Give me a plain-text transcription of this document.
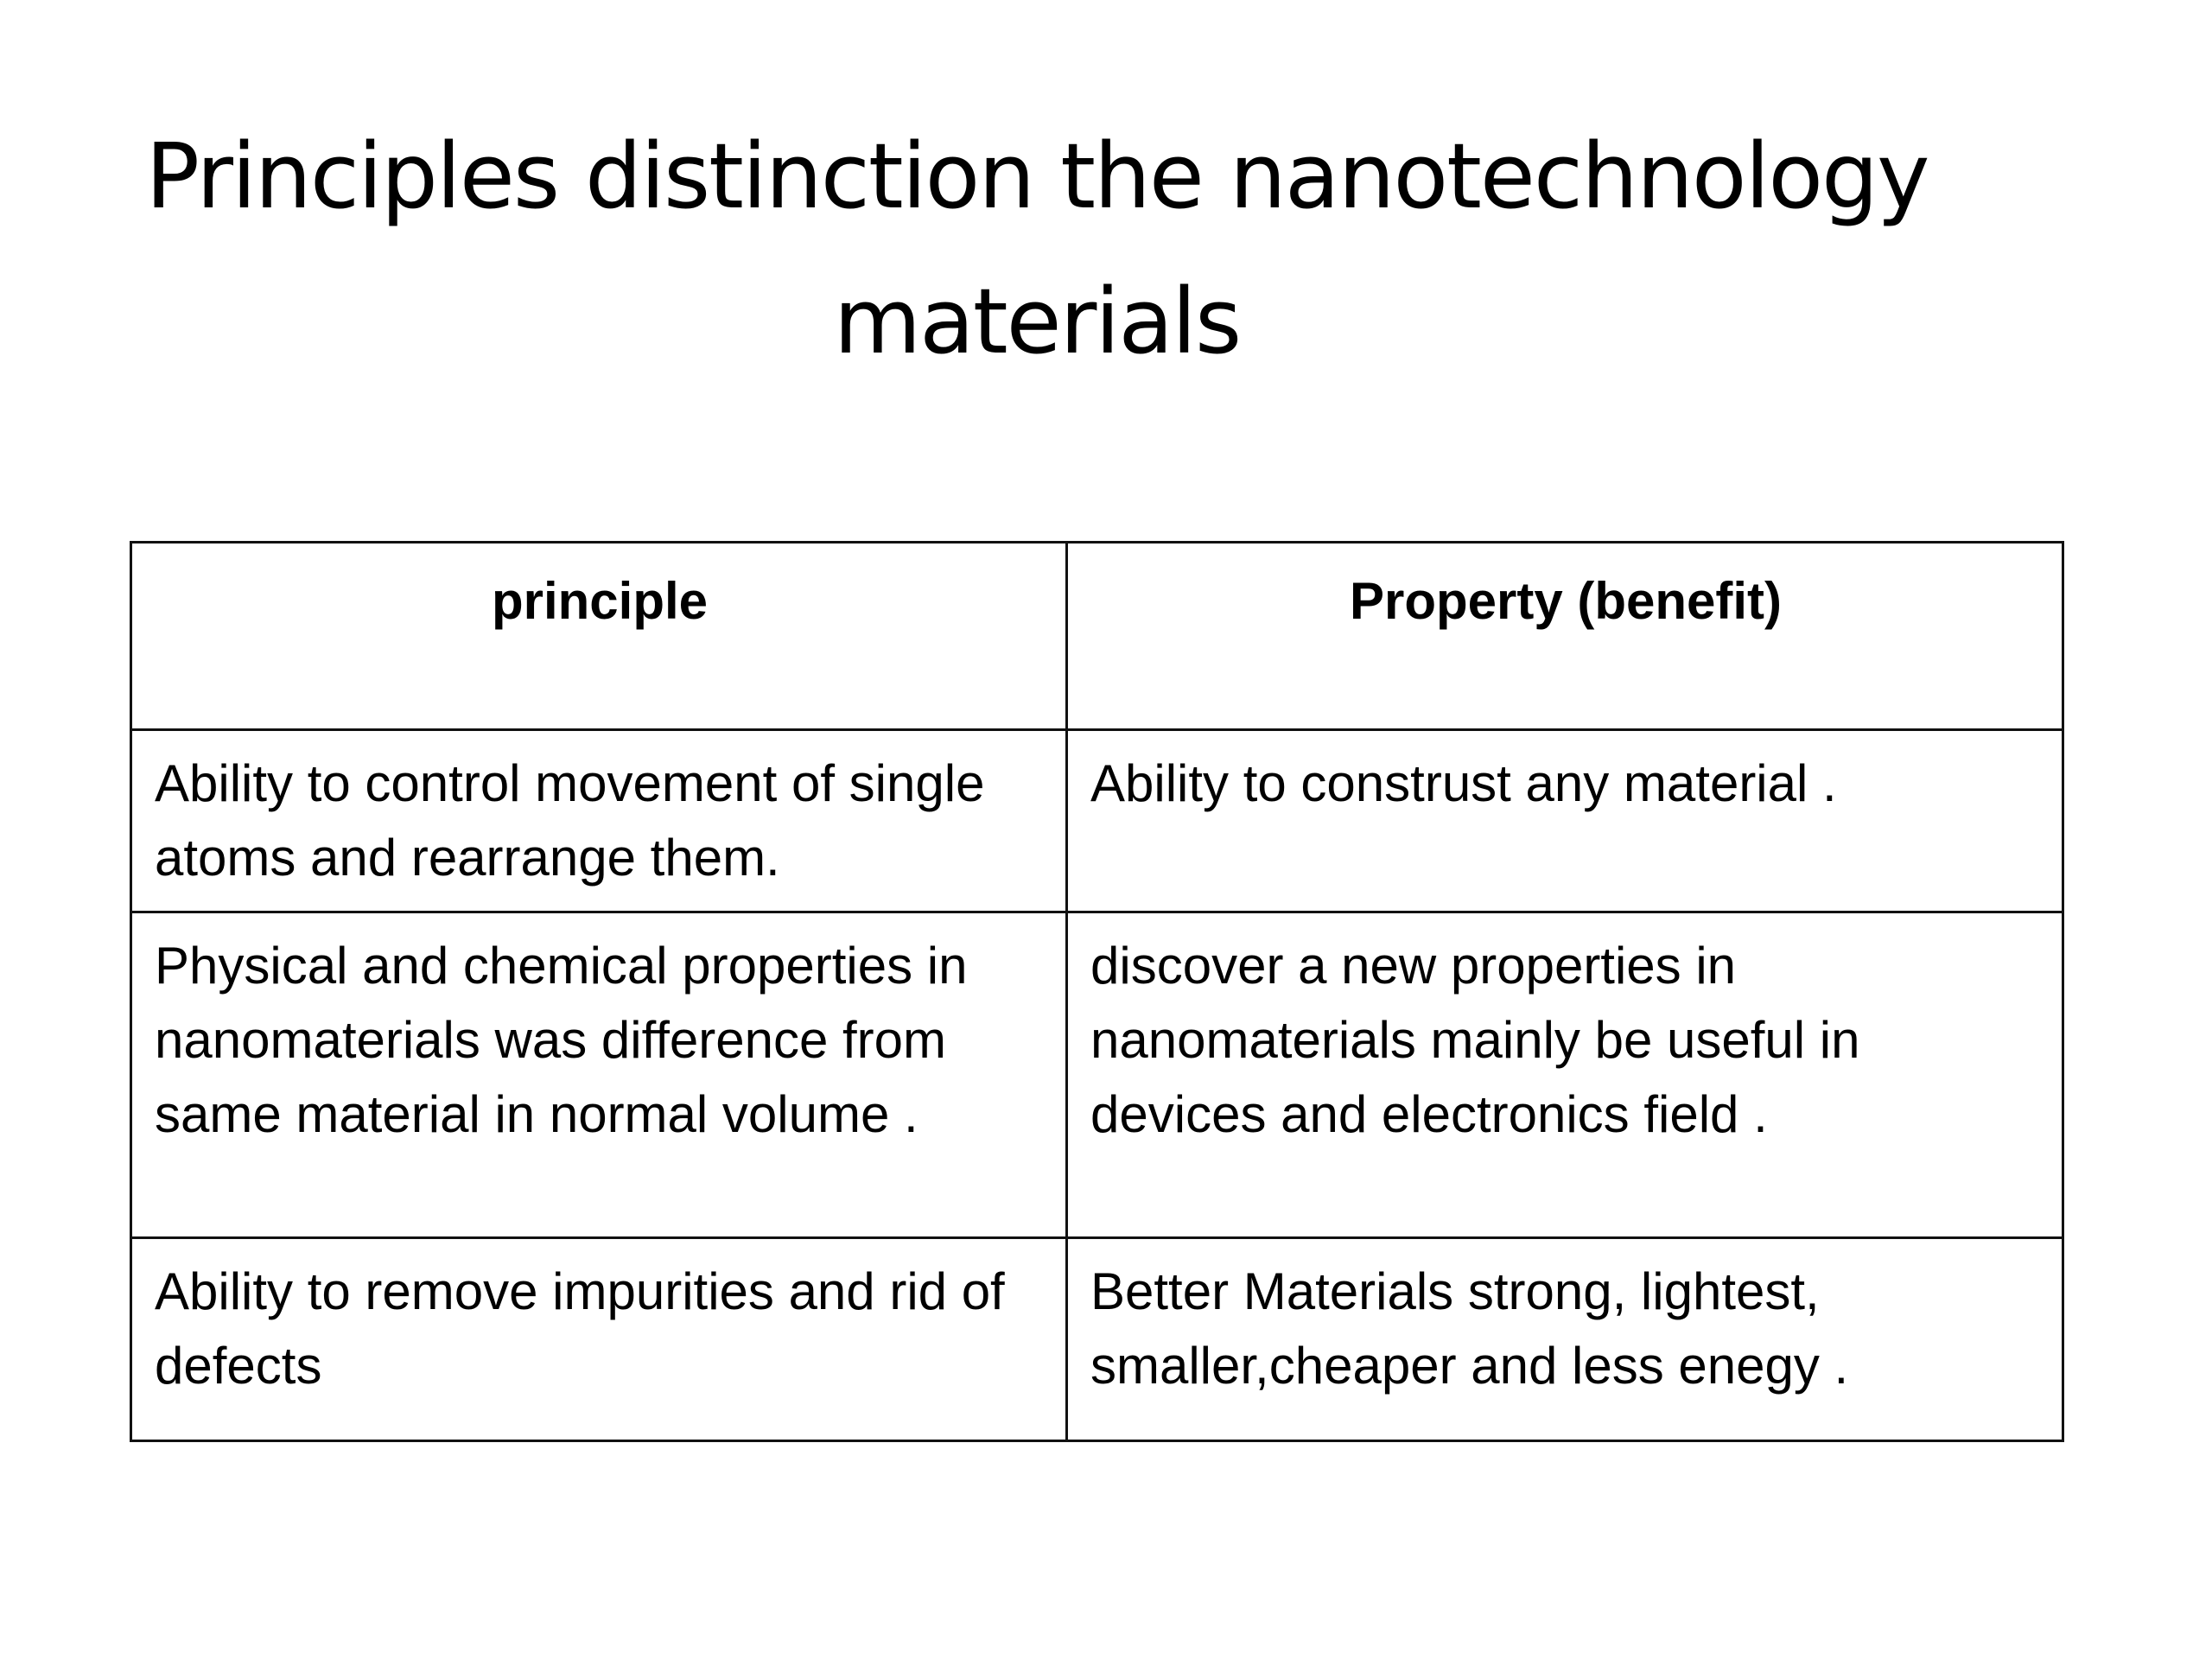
Principles distinction the nanotechnology
materials
principle	Property (benefit)
Ability to control movement of single atoms and rearrange them.	Ability to construst any material .
Physical and chemical properties in nanomaterials was difference from same material in normal volume .	discover a new properties in nanomaterials mainly be useful in devices and electronics field .
Ability to remove impurities and rid of defects	Better Materials strong, lightest, smaller,cheaper and less enegy .
